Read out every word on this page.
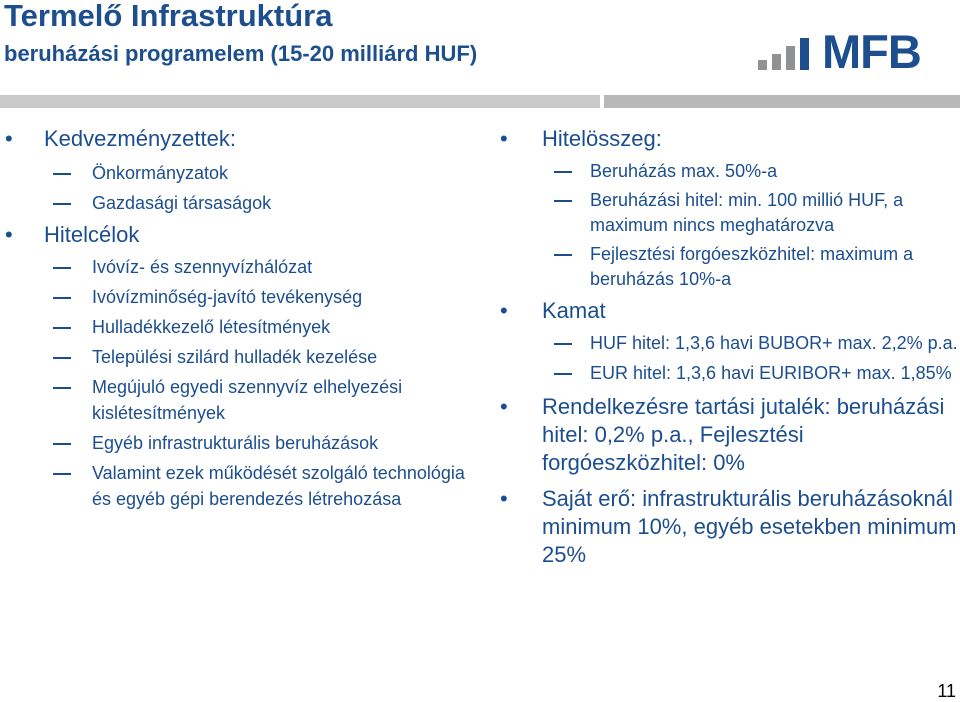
Termelő Infrastruktúra
beruházási programelem (15-20 milliárd HUF)	MFB

• Kedvezményzettek:

Önkormányzatok

Gazdasági társaságok

• Hitelcélok

Ivóvíz- és szennyvízhálózat

Ivóvízminőség-javító tevékenység

Hulladékkezelő létesítmények

Települési szilárd hulladék kezelése

Megújuló egyedi szennyvíz elhelyezési kislétesítmények

Egyéb infrastrukturális beruházások

Valamint ezek működését szolgáló technológia és egyéb gépi berendezés létrehozása

• Hitelösszeg:

Beruházás max. 50%-a

Beruházási hitel: min. 100 millió HUF, a maximum nincs meghatározva

Fejlesztési forgóeszközhitel: maximum a beruházás 10%-a

• Kamat

HUF hitel: 1,3,6 havi BUBOR+ max. 2,2% p.a.

EUR hitel: 1,3,6 havi EURIBOR+ max. 1,85%

• Rendelkezésre tartási jutalék: beruházási hitel: 0,2% p.a., Fejlesztési forgóeszközhitel: 0%

• Saját erő: infrastrukturális beruházásoknál minimum 10%, egyéb esetekben minimum 25%

11
